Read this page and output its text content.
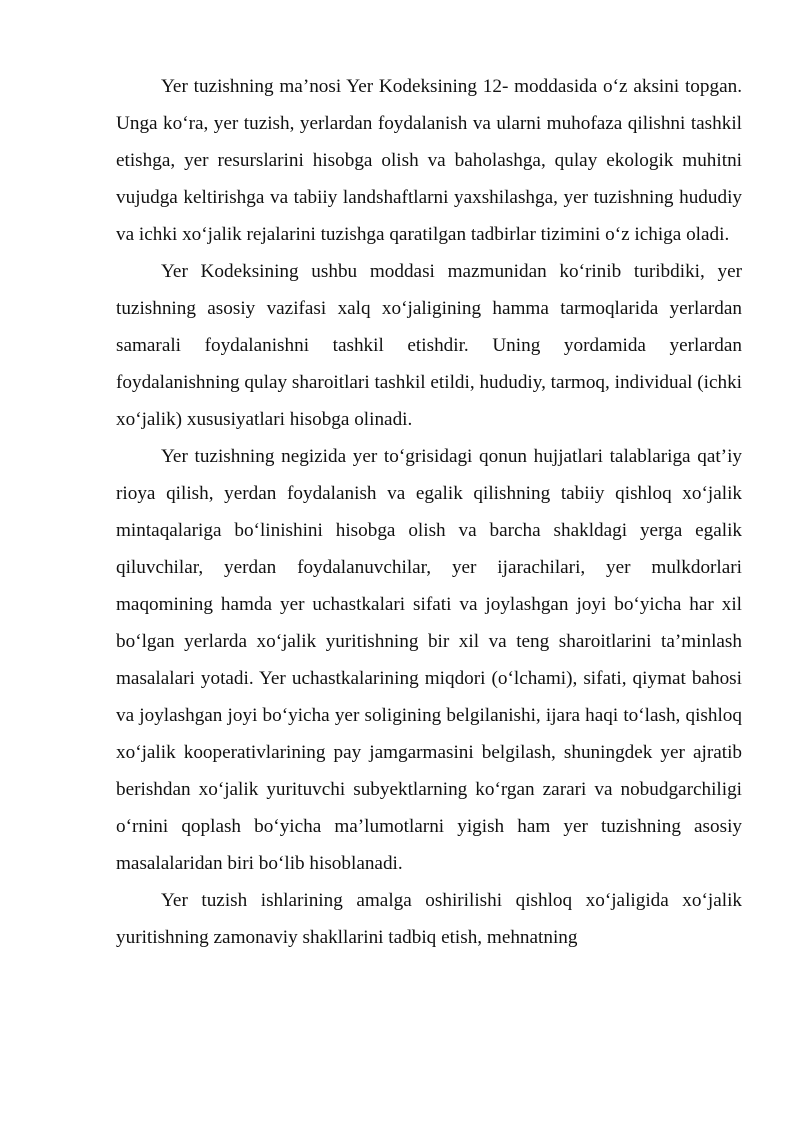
Yer tuzishning ma’nosi Yer Kodeksining 12- moddasida o‘z aksini topgan. Unga ko‘ra, yer tuzish, yerlardan foydalanish va ularni muhofaza qilishni tashkil etishga, yer resurslarini hisobga olish va baholashga, qulay ekologik muhitni vujudga keltirishga va tabiiy landshaftlarni yaxshilashga, yer tuzishning hududiy va ichki xo‘jalik rejalarini tuzishga qaratilgan tadbirlar tizimini o‘z ichiga oladi.

Yer Kodeksining ushbu moddasi mazmunidan ko‘rinib turibdiki, yer tuzishning asosiy vazifasi xalq xo‘jaligining hamma tarmoqlarida yerlardan samarali foydalanishni tashkil etishdir. Uning yordamida yerlardan foydalanishning qulay sharoitlari tashkil etildi, hududiy, tarmoq, individual (ichki xo‘jalik) xususiyatlari hisobga olinadi.

Yer tuzishning negizida yer to‘grisidagi qonun hujjatlari talablariga qat’iy rioya qilish, yerdan foydalanish va egalik qilishning tabiiy qishloq xo‘jalik mintaqalariga bo‘linishini hisobga olish va barcha shakldagi yerga egalik qiluvchilar, yerdan foydalanuvchilar, yer ijarachilari, yer mulkdorlari maqomining hamda yer uchastkalari sifati va joylashgan joyi bo‘yicha har xil bo‘lgan yerlarda xo‘jalik yuritishning bir xil va teng sharoitlarini ta’minlash masalalari yotadi. Yer uchastkalarining miqdori (o‘lchami), sifati, qiymat bahosi va joylashgan joyi bo‘yicha yer soligining belgilanishi, ijara haqi to‘lash, qishloq xo‘jalik kooperativlarining pay jamgarmasini belgilash, shuningdek yer ajratib berishdan xo‘jalik yurituvchi subyektlarning ko‘rgan zarari va nobudgarchiligi o‘rnini qoplash bo‘yicha ma’lumotlarni yigish ham yer tuzishning asosiy masalalaridan biri bo‘lib hisoblanadi.

Yer tuzish ishlarining amalga oshirilishi qishloq xo‘jaligida xo‘jalik yuritishning zamonaviy shakllarini tadbiq etish, mehnatning
